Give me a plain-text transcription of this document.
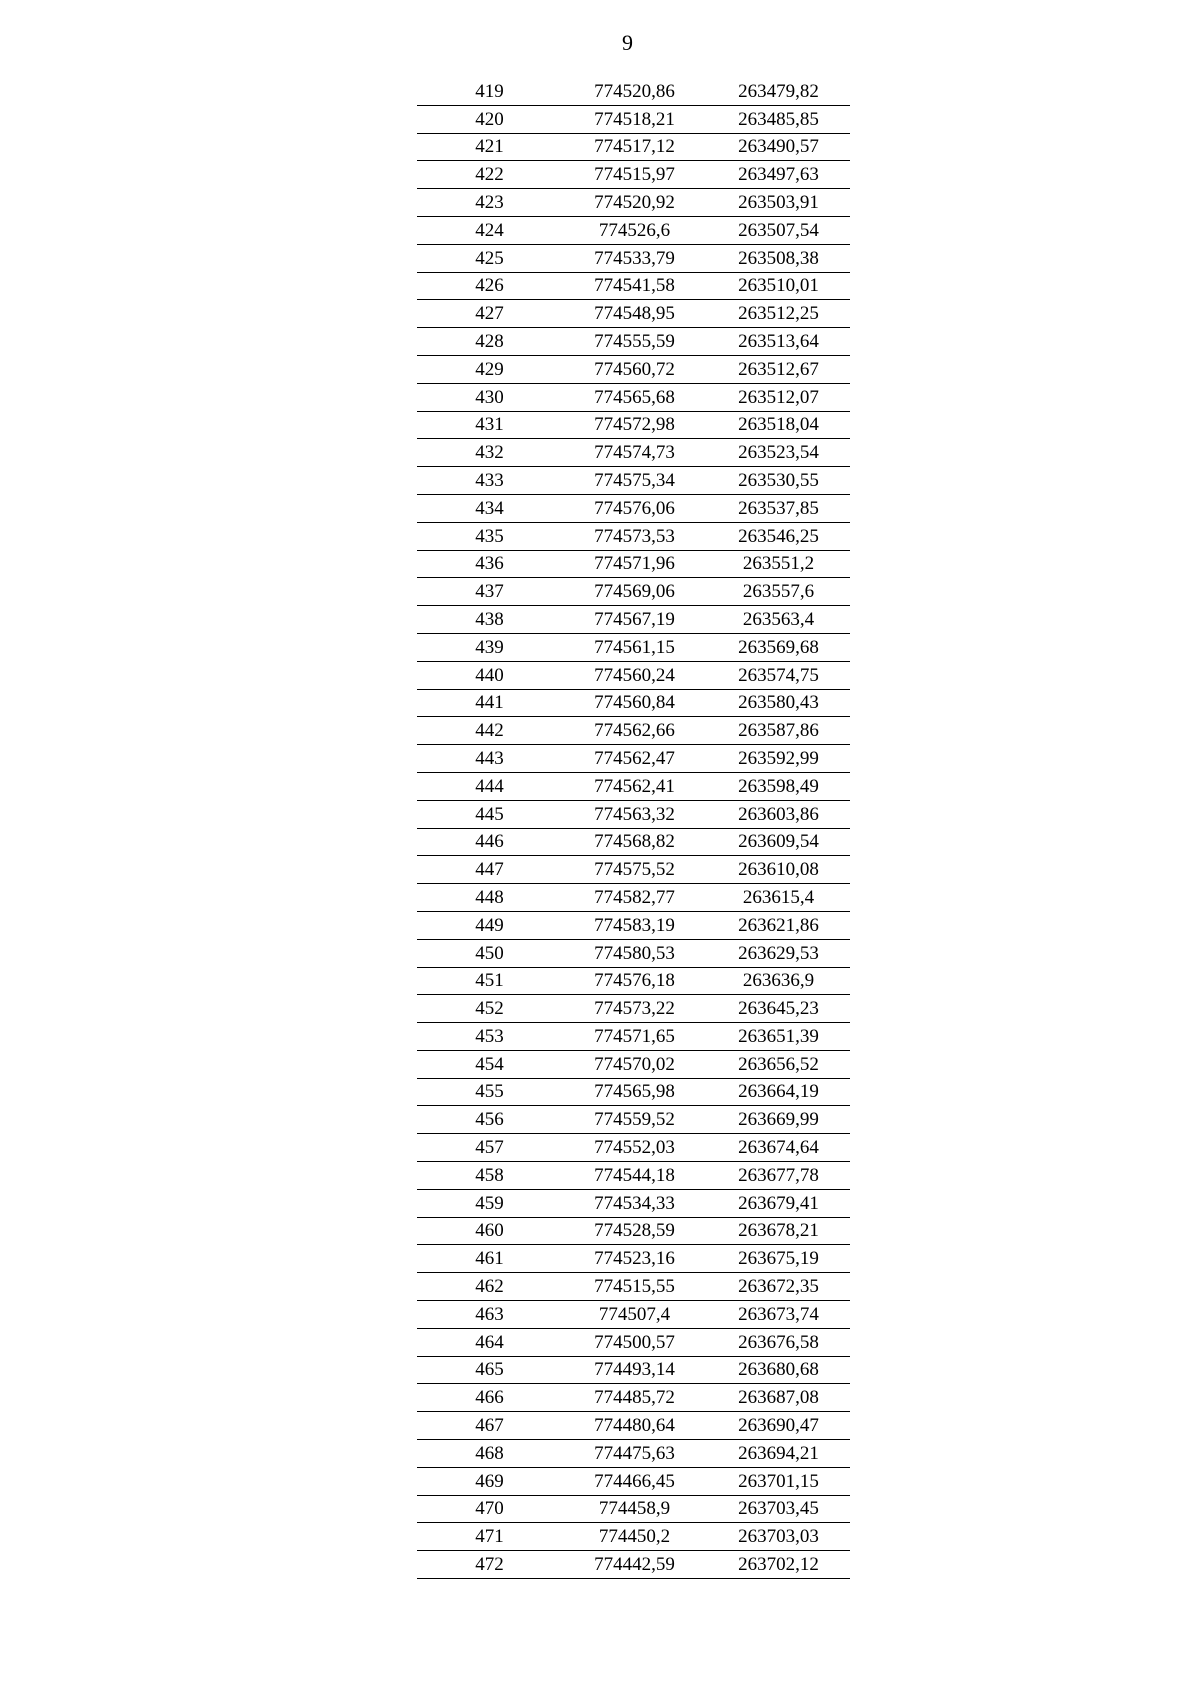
9
419	774520,86	263479,82
420	774518,21	263485,85
421	774517,12	263490,57
422	774515,97	263497,63
423	774520,92	263503,91
424	774526,6	263507,54
425	774533,79	263508,38
426	774541,58	263510,01
427	774548,95	263512,25
428	774555,59	263513,64
429	774560,72	263512,67
430	774565,68	263512,07
431	774572,98	263518,04
432	774574,73	263523,54
433	774575,34	263530,55
434	774576,06	263537,85
435	774573,53	263546,25
436	774571,96	263551,2
437	774569,06	263557,6
438	774567,19	263563,4
439	774561,15	263569,68
440	774560,24	263574,75
441	774560,84	263580,43
442	774562,66	263587,86
443	774562,47	263592,99
444	774562,41	263598,49
445	774563,32	263603,86
446	774568,82	263609,54
447	774575,52	263610,08
448	774582,77	263615,4
449	774583,19	263621,86
450	774580,53	263629,53
451	774576,18	263636,9
452	774573,22	263645,23
453	774571,65	263651,39
454	774570,02	263656,52
455	774565,98	263664,19
456	774559,52	263669,99
457	774552,03	263674,64
458	774544,18	263677,78
459	774534,33	263679,41
460	774528,59	263678,21
461	774523,16	263675,19
462	774515,55	263672,35
463	774507,4	263673,74
464	774500,57	263676,58
465	774493,14	263680,68
466	774485,72	263687,08
467	774480,64	263690,47
468	774475,63	263694,21
469	774466,45	263701,15
470	774458,9	263703,45
471	774450,2	263703,03
472	774442,59	263702,12
